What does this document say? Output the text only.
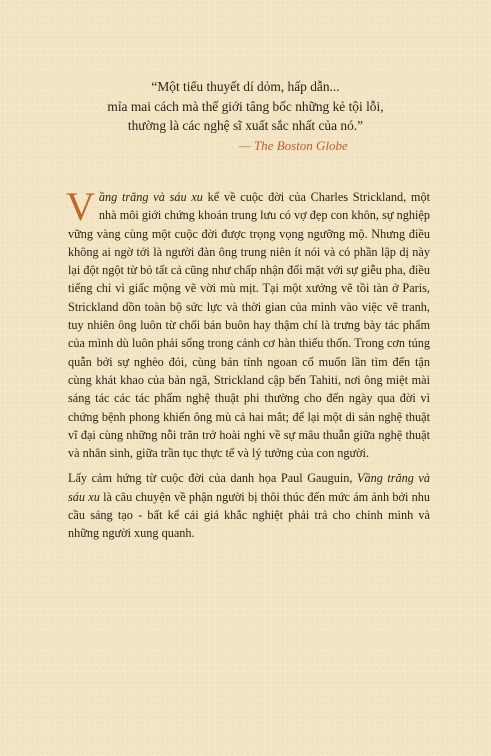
“Một tiểu thuyết dí dỏm, hấp dẫn...
mỉa mai cách mà thế giới tâng bốc những kẻ tội lỗi,
thường là các nghệ sĩ xuất sắc nhất của nó.”
— The Boston Globe

Vầng trăng và sáu xu kể về cuộc đời của Charles Strickland, một nhà môi giới chứng khoán trung lưu có vợ đẹp con khôn, sự nghiệp vững vàng cùng một cuộc đời được trọng vọng ngưỡng mộ. Nhưng điều không ai ngờ tới là người đàn ông trung niên ít nói và có phần lập dị này lại đột ngột từ bỏ tất cả cũng như chấp nhận đối mặt với sự giễu pha, điều tiếng chỉ vì giấc mộng vẽ vời mù mịt. Tại một xưởng vẽ tồi tàn ở Paris, Strickland dồn toàn bộ sức lực và thời gian của mình vào việc vẽ tranh, tuy nhiên ông luôn từ chối bán buôn hay thậm chí là trưng bày tác phẩm của mình dù luôn phải sống trong cảnh cơ hàn thiếu thốn. Trong cơn túng quẫn bởi sự nghèo đói, cùng bản tính ngoan cố muốn lần tìm đến tận cùng khát khao của bản ngã, Strickland cập bến Tahiti, nơi ông miệt mài sáng tác các tác phẩm nghệ thuật phi thường cho đến ngày qua đời vì chứng bệnh phong khiến ông mù cả hai mắt; để lại một di sản nghệ thuật vĩ đại cùng những nỗi trăn trở hoài nghi về sự mâu thuẫn giữa nghệ thuật và nhân sinh, giữa trần tục thực tế và lý tưởng của con người.

Lấy cảm hứng từ cuộc đời của danh họa Paul Gauguin, Vầng trăng và sáu xu là câu chuyện về phận người bị thôi thúc đến mức ám ảnh bởi nhu cầu sáng tạo - bất kể cái giá khắc nghiệt phải trả cho chính mình và những người xung quanh.
